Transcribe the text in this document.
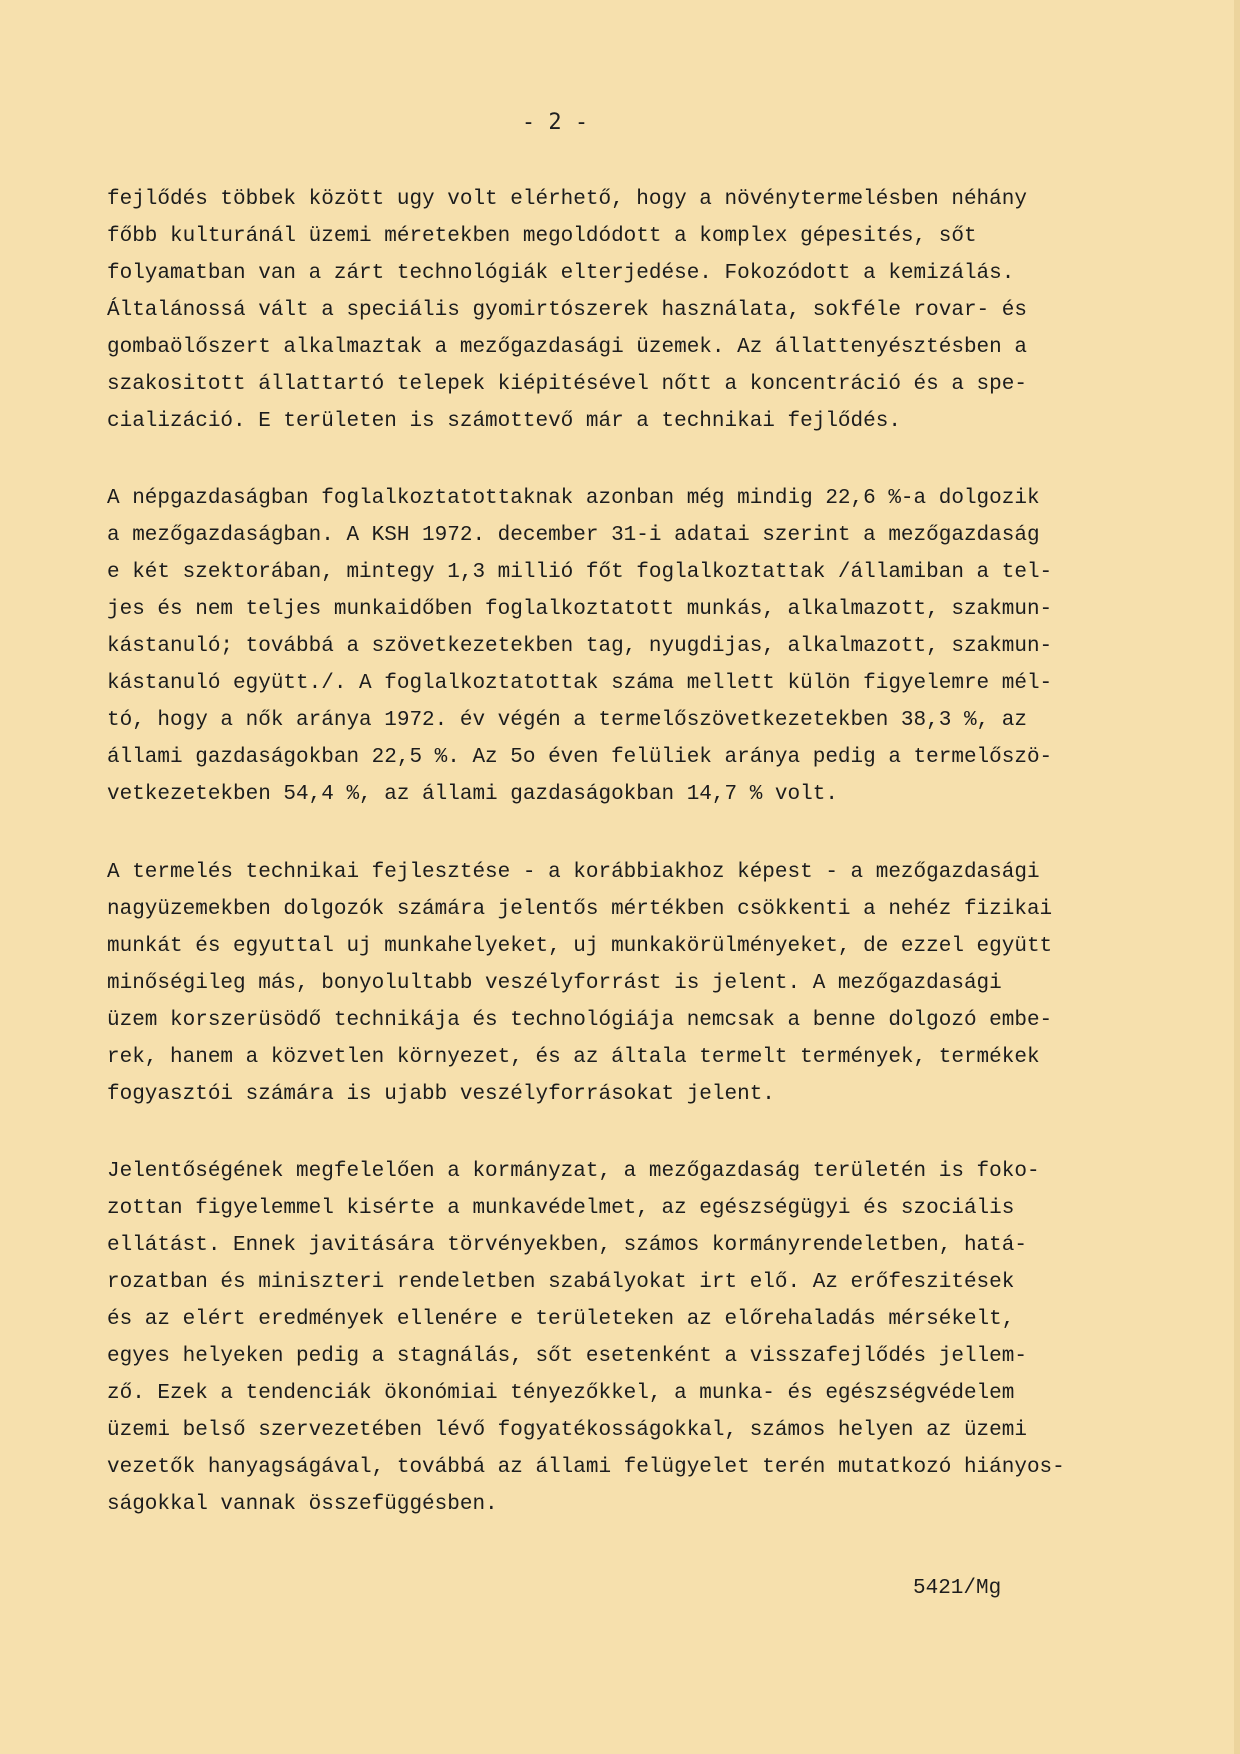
- 2 -
fejlődés többek között ugy volt elérhető, hogy a növénytermelésben néhány
főbb kulturánál üzemi méretekben megoldódott a komplex gépesités, sőt
folyamatban van a zárt technológiák elterjedése. Fokozódott a kemizálás.
Általánossá vált a speciális gyomirtószerek használata, sokféle rovar- és
gombaölőszert alkalmaztak a mezőgazdasági üzemek. Az állattenyésztésben a
szakositott állattartó telepek kiépitésével nőtt a koncentráció és a spe-
cializáció. E területen is számottevő már a technikai fejlődés.
A népgazdaságban foglalkoztatottaknak azonban még mindig 22,6 %-a dolgozik
a mezőgazdaságban. A KSH 1972. december 31-i adatai szerint a mezőgazdaság
e két szektorában, mintegy 1,3 millió főt foglalkoztattak /államiban a tel-
jes és nem teljes munkaidőben foglalkoztatott munkás, alkalmazott, szakmun-
kástanuló; továbbá a szövetkezetekben tag, nyugdijas, alkalmazott, szakmun-
kástanuló együtt./. A foglalkoztatottak száma mellett külön figyelemre mél-
tó, hogy a nők aránya 1972. év végén a termelőszövetkezetekben 38,3 %, az
állami gazdaságokban 22,5 %. Az 5o éven felüliek aránya pedig a termelőszö-
vetkezetekben 54,4 %, az állami gazdaságokban 14,7 % volt.
A termelés technikai fejlesztése - a korábbiakhoz képest - a mezőgazdasági
nagyüzemekben dolgozók számára jelentős mértékben csökkenti a nehéz fizikai
munkát és egyuttal uj munkahelyeket, uj munkakörülményeket, de ezzel együtt
minőségileg más, bonyolultabb veszélyforrást is jelent. A mezőgazdasági
üzem korszerüsödő technikája és technológiája nemcsak a benne dolgozó embe-
rek, hanem a közvetlen környezet, és az általa termelt termények, termékek
fogyasztói számára is ujabb veszélyforrásokat jelent.
Jelentőségének megfelelően a kormányzat, a mezőgazdaság területén is foko-
zottan figyelemmel kisérte a munkavédelmet, az egészségügyi és szociális
ellátást. Ennek javitására törvényekben, számos kormányrendeletben, hatá-
rozatban és miniszteri rendeletben szabályokat irt elő. Az erőfeszitések
és az elért eredmények ellenére e területeken az előrehaladás mérsékelt,
egyes helyeken pedig a stagnálás, sőt esetenként a visszafejlődés jellem-
ző. Ezek a tendenciák ökonómiai tényezőkkel, a munka- és egészségvédelem
üzemi belső szervezetében lévő fogyatékosságokkal, számos helyen az üzemi
vezetők hanyagságával, továbbá az állami felügyelet terén mutatkozó hiányos-
ságokkal vannak összefüggésben.
5421/Mg
